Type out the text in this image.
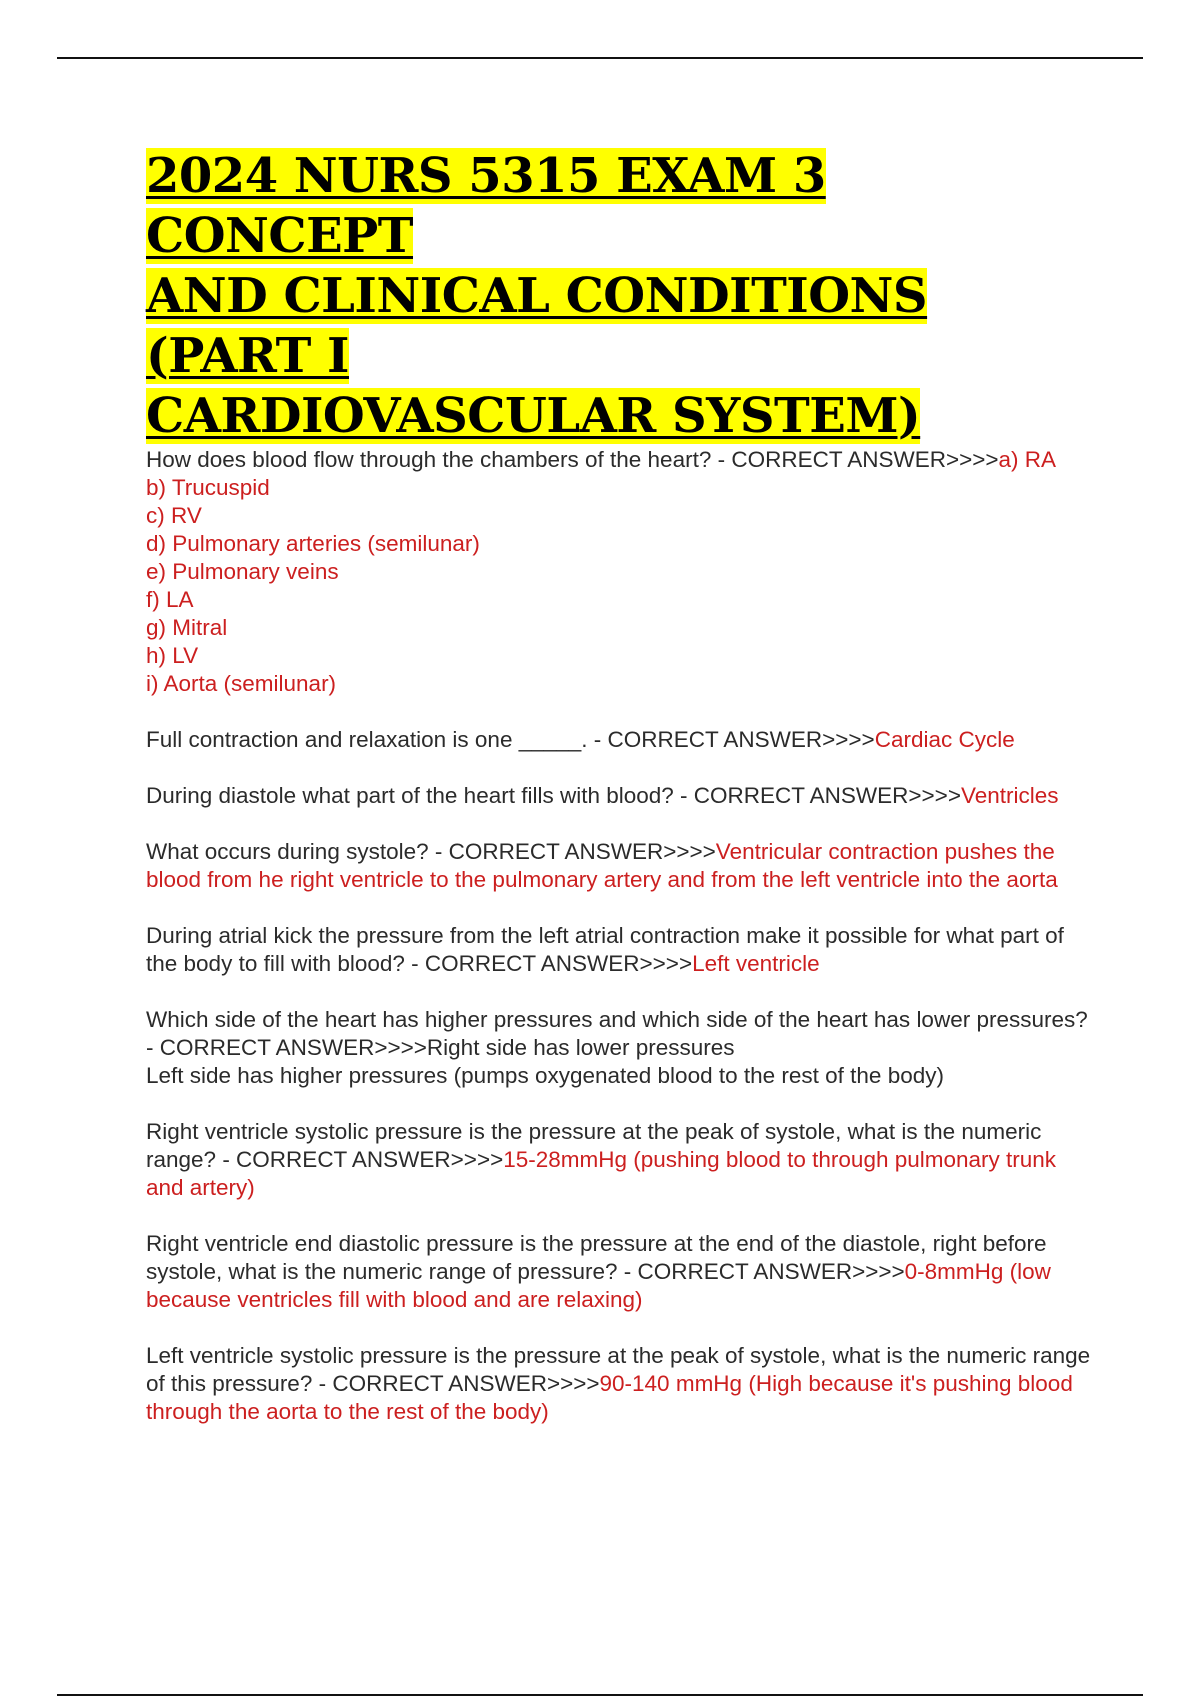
2024 NURS 5315 EXAM 3 CONCEPT
AND CLINICAL CONDITIONS (PART I
CARDIOVASCULAR SYSTEM)

How does blood flow through the chambers of the heart? - CORRECT ANSWER>>>>a) RA
b) Trucuspid
c) RV
d) Pulmonary arteries (semilunar)
e) Pulmonary veins
f) LA
g) Mitral
h) LV
i) Aorta (semilunar)

Full contraction and relaxation is one _____. - CORRECT ANSWER>>>>Cardiac Cycle

During diastole what part of the heart fills with blood? - CORRECT ANSWER>>>>Ventricles

What occurs during systole? - CORRECT ANSWER>>>>Ventricular contraction pushes the blood from he right ventricle to the pulmonary artery and from the left ventricle into the aorta

During atrial kick the pressure from the left atrial contraction make it possible for what part of the body to fill with blood? - CORRECT ANSWER>>>>Left ventricle

Which side of the heart has higher pressures and which side of the heart has lower pressures? - CORRECT ANSWER>>>>Right side has lower pressures
Left side has higher pressures (pumps oxygenated blood to the rest of the body)

Right ventricle systolic pressure is the pressure at the peak of systole, what is the numeric range? - CORRECT ANSWER>>>>15-28mmHg (pushing blood to through pulmonary trunk and artery)

Right ventricle end diastolic pressure is the pressure at the end of the diastole, right before systole, what is the numeric range of pressure? - CORRECT ANSWER>>>>0-8mmHg (low because ventricles fill with blood and are relaxing)

Left ventricle systolic pressure is the pressure at the peak of systole, what is the numeric range of this pressure? - CORRECT ANSWER>>>>90-140 mmHg (High because it's pushing blood through the aorta to the rest of the body)
